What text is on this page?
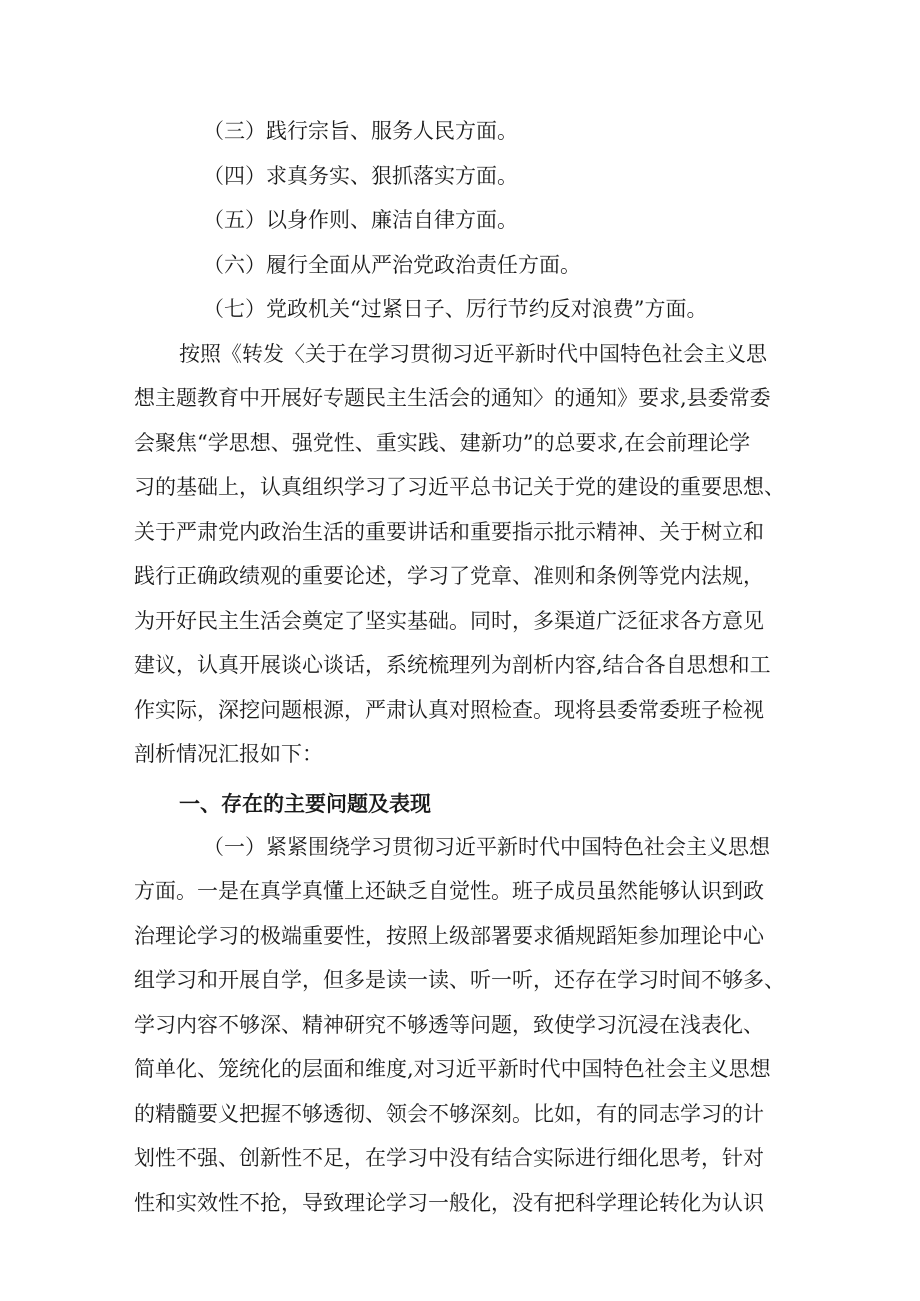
（三）践行宗旨、服务人民方面。

（四）求真务实、狠抓落实方面。

（五）以身作则、廉洁自律方面。

（六）履行全面从严治党政治责任方面。

（七）党政机关“过紧日子、厉行节约反对浪费”方面。

按照《转发〈关于在学习贯彻习近平新时代中国特色社会主义思

想主题教育中开展好专题民主生活会的通知〉的通知》要求,县委常委

会聚焦“学思想、强党性、重实践、建新功”的总要求,在会前理论学

习的基础上，认真组织学习了习近平总书记关于党的建设的重要思想、

关于严肃党内政治生活的重要讲话和重要指示批示精神、关于树立和

践行正确政绩观的重要论述，学习了党章、准则和条例等党内法规，

为开好民主生活会奠定了坚实基础。同时，多渠道广泛征求各方意见

建议，认真开展谈心谈话，系统梳理列为剖析内容,结合各自思想和工

作实际，深挖问题根源，严肃认真对照检查。现将县委常委班子检视

剖析情况汇报如下：

一、存在的主要问题及表现

（一）紧紧围绕学习贯彻习近平新时代中国特色社会主义思想

方面。一是在真学真懂上还缺乏自觉性。班子成员虽然能够认识到政

治理论学习的极端重要性，按照上级部署要求循规蹈矩参加理论中心

组学习和开展自学，但多是读一读、听一听，还存在学习时间不够多、

学习内容不够深、精神研究不够透等问题，致使学习沉浸在浅表化、

简单化、笼统化的层面和维度,对习近平新时代中国特色社会主义思想

的精髓要义把握不够透彻、领会不够深刻。比如，有的同志学习的计

划性不强、创新性不足，在学习中没有结合实际进行细化思考，针对

性和实效性不抢，导致理论学习一般化，没有把科学理论转化为认识
